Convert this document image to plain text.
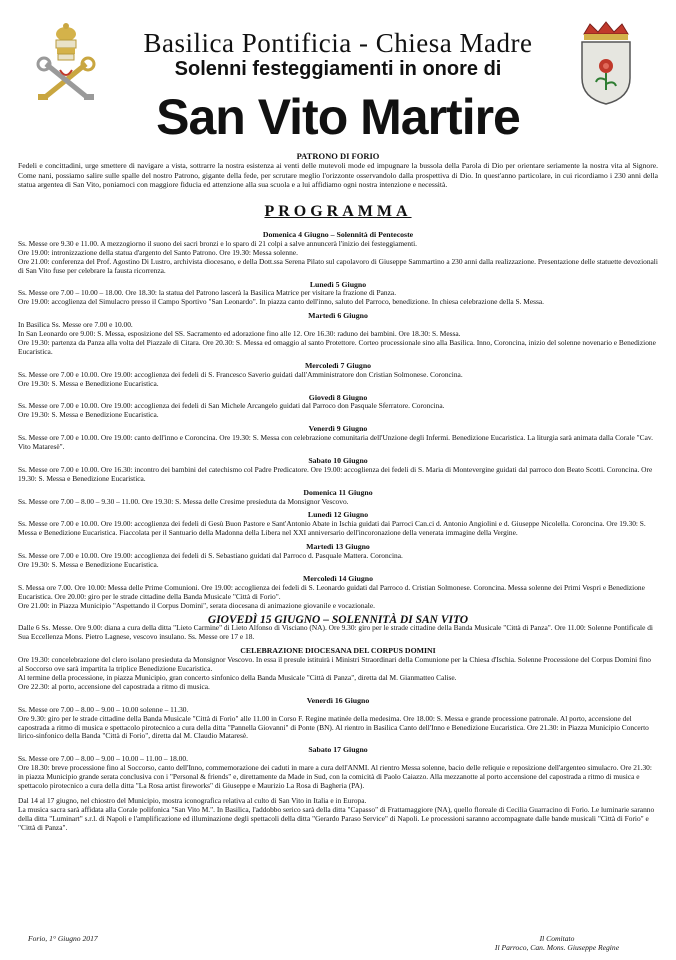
Basilica Pontificia - Chiesa Madre
Solenni festeggiamenti in onore di
San Vito Martire
PATRONO DI FORIO
Fedeli e concittadini, urge smettere di navigare a vista, sottrarre la nostra esistenza ai venti delle mutevoli mode ed impugnare la bussola della Parola di Dio per orientare seriamente la nostra vita al Signore. Come nani, possiamo salire sulle spalle del nostro Patrono, gigante della fede, per scrutare meglio l'orizzonte osservandolo dalla prospettiva di Dio. In quest'anno particolare, in cui ricordiamo i 230 anni della statua argentea di San Vito, poniamoci con maggiore fiducia ed attenzione alla sua scuola e a lui affidiamo ogni nostra intenzione e necessità.
PROGRAMMA
Domenica 4 Giugno – Solennità di Pentecoste
Ss. Messe ore 9.30 e 11.00. A mezzogiorno il suono dei sacri bronzi e lo sparo di 21 colpi a salve annuncerà l'inizio dei festeggiamenti.
Ore 19.00: intronizzazione della statua d'argento del Santo Patrono. Ore 19.30: Messa solenne.
Ore 21.00: conferenza del Prof. Agostino Di Lustro, archivista diocesano, e della Dott.ssa Serena Pilato sul capolavoro di Giuseppe Sammartino a 230 anni dalla realizzazione. Presentazione delle statuette devozionali di San Vito fuse per celebrare la fausta ricorrenza.
Lunedì 5 Giugno
Ss. Messe ore 7.00 – 10.00 – 18.00. Ore 18.30: la statua del Patrono lascerà la Basilica Matrice per visitare la frazione di Panza.
Ore 19.00: accoglienza del Simulacro presso il Campo Sportivo "San Leonardo". In piazza canto dell'inno, saluto del Parroco, benedizione. In chiesa celebrazione della S. Messa.
Martedì 6 Giugno
In Basilica Ss. Messe ore 7.00 e 10.00.
In San Leonardo ore 9.00: S. Messa, esposizione del SS. Sacramento ed adorazione fino alle 12. Ore 16.30: raduno dei bambini. Ore 18.30: S. Messa.
Ore 19.30: partenza da Panza alla volta del Piazzale di Citara. Ore 20.30: S. Messa ed omaggio al santo Protettore. Corteo processionale sino alla Basilica. Inno, Coroncina, inizio del solenne novenario e Benedizione Eucaristica.
Mercoledì 7 Giugno
Ss. Messe ore 7.00 e 10.00. Ore 19.00: accoglienza dei fedeli di S. Francesco Saverio guidati dall'Amministratore don Cristian Solmonese. Coroncina.
Ore 19.30: S. Messa e Benedizione Eucaristica.
Giovedì 8 Giugno
Ss. Messe ore 7.00 e 10.00. Ore 19.00: accoglienza dei fedeli di San Michele Arcangelo guidati dal Parroco don Pasquale Sferratore. Coroncina.
Ore 19.30: S. Messa e Benedizione Eucaristica.
Venerdì 9 Giugno
Ss. Messe ore 7.00 e 10.00. Ore 19.00: canto dell'inno e Coroncina. Ore 19.30: S. Messa con celebrazione comunitaria dell'Unzione degli Infermi. Benedizione Eucaristica. La liturgia sarà animata dalla Corale "Cav. Vito Mataresè".
Sabato 10 Giugno
Ss. Messe ore 7.00 e 10.00. Ore 16.30: incontro dei bambini del catechismo col Padre Predicatore. Ore 19.00: accoglienza dei fedeli di S. Maria di Montevergine guidati dal parroco don Beato Scotti. Coroncina. Ore 19.30: S. Messa e Benedizione Eucaristica.
Domenica 11 Giugno
Ss. Messe ore 7.00 – 8.00 – 9.30 – 11.00. Ore 19.30: S. Messa delle Cresime presieduta da Monsignor Vescovo.
Lunedì 12 Giugno
Ss. Messe ore 7.00 e 10.00. Ore 19.00: accoglienza dei fedeli di Gesù Buon Pastore e Sant'Antonio Abate in Ischia guidati dai Parroci Can.ci d. Antonio Angiolini e d. Giuseppe Nicolella. Coroncina. Ore 19.30: S. Messa e Benedizione Eucaristica. Fiaccolata per il Santuario della Madonna della Libera nel XXI anniversario dell'incoronazione della venerata immagine della Vergine.
Martedì 13 Giugno
Ss. Messe ore 7.00 e 10.00. Ore 19.00: accoglienza dei fedeli di S. Sebastiano guidati dal Parroco d. Pasquale Mattera. Coroncina.
Ore 19.30: S. Messa e Benedizione Eucaristica.
Mercoledì 14 Giugno
S. Messa ore 7.00. Ore 10.00: Messa delle Prime Comunioni. Ore 19.00: accoglienza dei fedeli di S. Leonardo guidati dal Parroco d. Cristian Solmonese. Coroncina. Messa solenne dei Primi Vespri e Benedizione Eucaristica. Ore 20.00: giro per le strade cittadine della Banda Musicale "Città di Forio".
Ore 21.00: in Piazza Municipio "Aspettando il Corpus Domini", serata diocesana di animazione giovanile e vocazionale.
GIOVEDÌ 15 GIUGNO – SOLENNITÀ DI SAN VITO
Dalle 6 Ss. Messe. Ore 9.00: diana a cura della ditta "Lieto Carmine" di Lieto Alfonso di Visciano (NA). Ore 9.30: giro per le strade cittadine della Banda Musicale "Città di Panza". Ore 11.00: Solenne Pontificale di Sua Eccellenza Mons. Pietro Lagnese, vescovo insulano. Ss. Messe ore 17 e 18.
CELEBRAZIONE DIOCESANA DEL CORPUS DOMINI
Ore 19.30: concelebrazione del clero isolano presieduta da Monsignor Vescovo. In essa il presule istituirà i Ministri Straordinari della Comunione per la Chiesa d'Ischia. Solenne Processione del Corpus Domini fino al Soccorso ove sarà impartita la triplice Benedizione Eucaristica.
Al termine della processione, in piazza Municipio, gran concerto sinfonico della Banda Musicale "Città di Panza", diretta dal M. Gianmatteo Calise.
Ore 22.30: al porto, accensione del capostrada a ritmo di musica.
Venerdì 16 Giugno
Ss. Messe ore 7.00 – 8.00 – 9.00 – 10.00 solenne – 11.30.
Ore 9.30: giro per le strade cittadine della Banda Musicale "Città di Forio" alle 11.00 in Corso F. Regine matinée della medesima. Ore 18.00: S. Messa e grande processione patronale. Al porto, accensione del capostrada a ritmo di musica e spettacolo pirotecnico a cura della ditta "Pannella Giovanni" di Ponte (BN). Al rientro in Basilica Canto dell'Inno e Benedizione Eucaristica. Ore 21.30: in Piazza Municipio Concerto lirico-sinfonico della Banda "Città di Forio", diretta dal M. Claudio Mataresè.
Sabato 17 Giugno
Ss. Messe ore 7.00 – 8.00 – 9.00 – 10.00 – 11.00 – 18.00.
Ore 18.30: breve processione fino al Soccorso, canto dell'Inno, commemorazione dei caduti in mare a cura dell'ANMI. Al rientro Messa solenne, bacio delle reliquie e reposizione dell'argenteo simulacro. Ore 21.30: in piazza Municipio grande serata conclusiva con i "Personal & friends" e, direttamente da Made in Sud, con la comicità di Paolo Caiazzo. Alla mezzanotte al porto accensione del capostrada a ritmo di musica e spettacolo pirotecnico a cura della ditta "La Rosa artist fireworks" di Giuseppe e Maurizio La Rosa di Bagheria (PA).
Dal 14 al 17 giugno, nel chiostro del Municipio, mostra iconografica relativa al culto di San Vito in Italia e in Europa.
La musica sacra sarà affidata alla Corale polifonica "San Vito M.". In Basilica, l'addobbo serico sarà della ditta "Capasso" di Frattamaggiore (NA), quello floreale di Cecilia Guarracino di Forio. Le luminarie saranno della ditta "Luminart" s.r.l. di Napoli e l'amplificazione ed illuminazione degli spettacoli della ditta "Gerardo Paraso Service" di Napoli. Le processioni saranno accompagnate dalle bande musicali "Città di Forio" e "Città di Panza".
Forio, 1° Giugno 2017	Il Comitato
Il Parroco, Can. Mons. Giuseppe Regine
